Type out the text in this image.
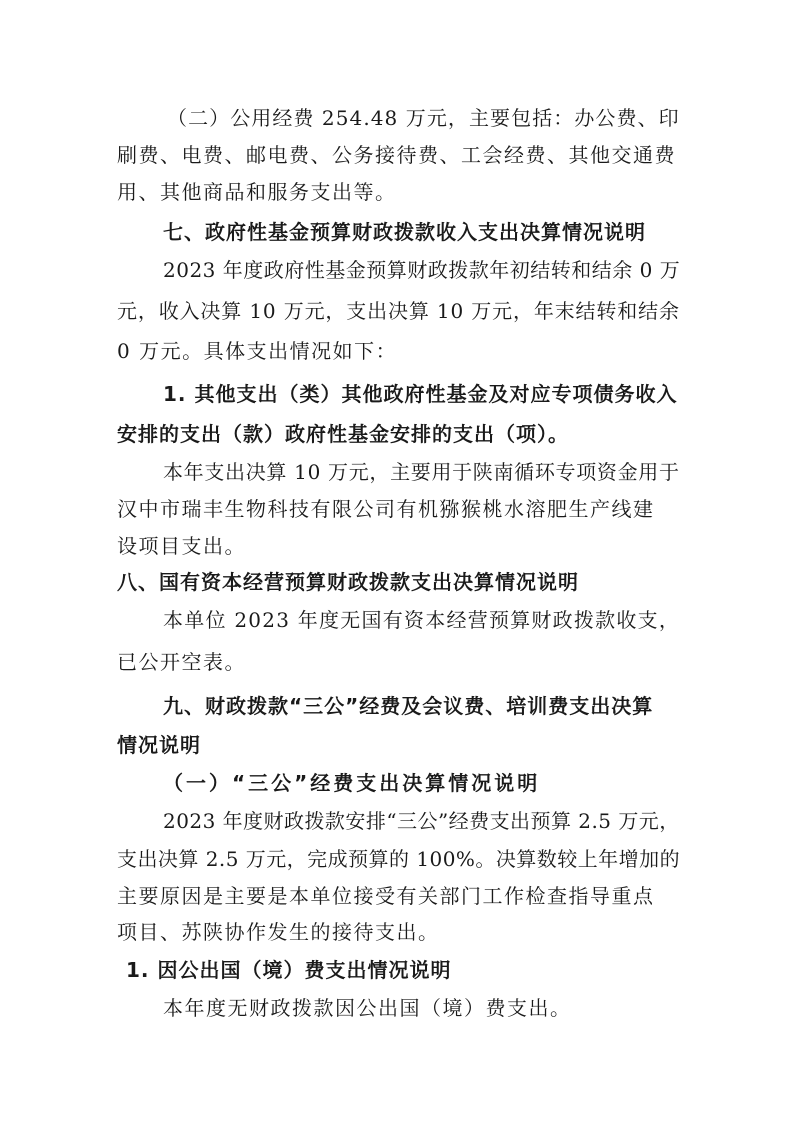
（二）公用经费 254.48 万元，主要包括：办公费、印
刷费、电费、邮电费、公务接待费、工会经费、其他交通费
用、其他商品和服务支出等。
七、政府性基金预算财政拨款收入支出决算情况说明
2023 年度政府性基金预算财政拨款年初结转和结余 0 万
元，收入决算 10 万元，支出决算 10 万元，年末结转和结余
0 万元。具体支出情况如下：
1. 其他支出（类）其他政府性基金及对应专项债务收入
安排的支出（款）政府性基金安排的支出（项）。
本年支出决算 10 万元，主要用于陕南循环专项资金用于
汉中市瑞丰生物科技有限公司有机猕猴桃水溶肥生产线建
设项目支出。
八、国有资本经营预算财政拨款支出决算情况说明
本单位 2023 年度无国有资本经营预算财政拨款收支，
已公开空表。
九、财政拨款“三公”经费及会议费、培训费支出决算
情况说明
（一）“三公”经费支出决算情况说明
2023 年度财政拨款安排“三公”经费支出预算 2.5 万元，
支出决算 2.5 万元，完成预算的 100%。决算数较上年增加的
主要原因是主要是本单位接受有关部门工作检查指导重点
项目、苏陕协作发生的接待支出。
1. 因公出国（境）费支出情况说明
本年度无财政拨款因公出国（境）费支出。
